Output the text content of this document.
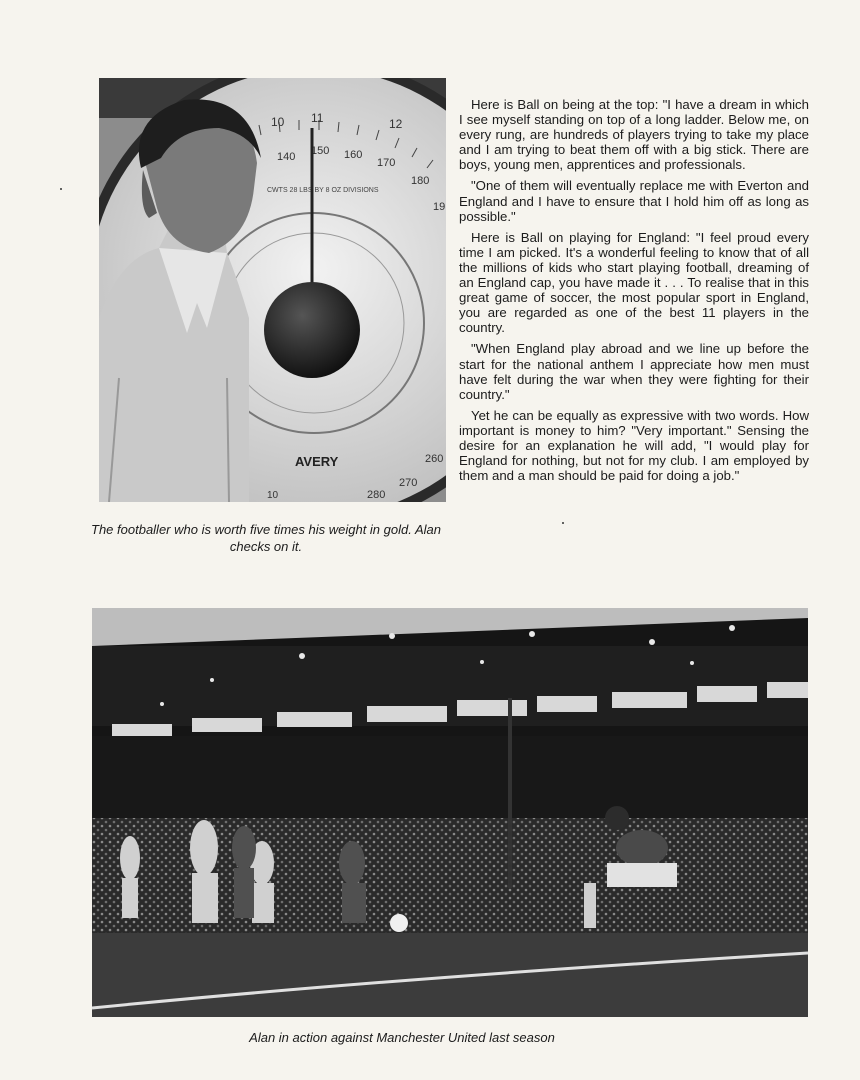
10 11	12
140 150 160
170
180
19
260
270
280
10
CWTS 28 LBS BY 8 OZ DIVISIONS
AVERY
The footballer who is worth five times his weight in gold. Alan checks on it.

Here is Ball on being at the top: "I have a dream in which I see myself standing on top of a long ladder. Below me, on every rung, are hundreds of players trying to take my place and I am trying to beat them off with a big stick. There are boys, young men, apprentices and professionals.

"One of them will eventually replace me with Everton and England and I have to ensure that I hold him off as long as possible."

Here is Ball on playing for England: "I feel proud every time I am picked. It's a wonderful feeling to know that of all the millions of kids who start playing football, dreaming of an England cap, you have made it . . . To realise that in this great game of soccer, the most popular sport in England, you are regarded as one of the best 11 players in the country.

"When England play abroad and we line up before the start for the national anthem I appreciate how men must have felt during the war when they were fighting for their country."

Yet he can be equally as expressive with two words. How important is money to him? "Very important." Sensing the desire for an explanation he will add, "I would play for England for nothing, but not for my club. I am employed by them and a man should be paid for doing a job."

Alan in action against Manchester United last season
